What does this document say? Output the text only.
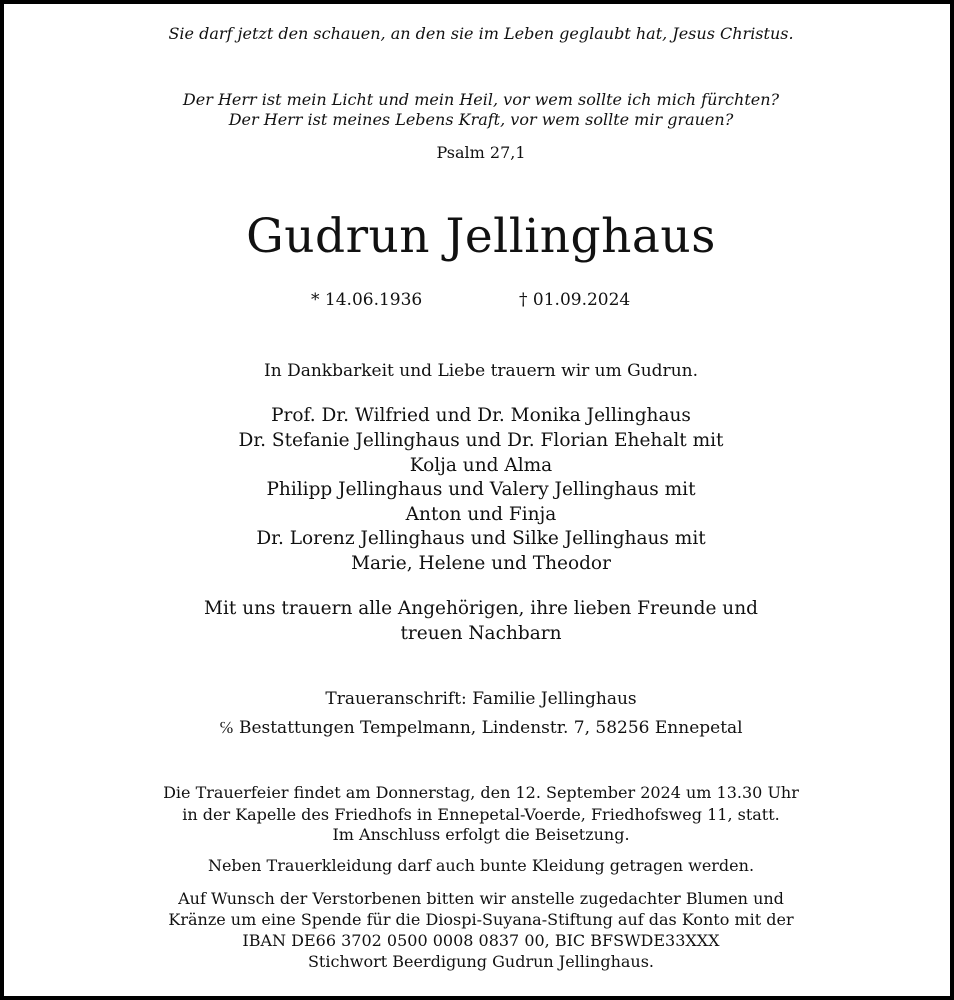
Sie darf jetzt den schauen, an den sie im Leben geglaubt hat, Jesus Christus.
Der Herr ist mein Licht und mein Heil, vor wem sollte ich mich fürchten?
Der Herr ist meines Lebens Kraft, vor wem sollte mir grauen?
Psalm 27,1
Gudrun Jellinghaus
* 14.06.1936	† 01.09.2024
In Dankbarkeit und Liebe trauern wir um Gudrun.
Prof. Dr. Wilfried und Dr. Monika Jellinghaus
Dr. Stefanie Jellinghaus und Dr. Florian Ehehalt mit
Kolja und Alma
Philipp Jellinghaus und Valery Jellinghaus mit
Anton und Finja
Dr. Lorenz Jellinghaus und Silke Jellinghaus mit
Marie, Helene und Theodor
Mit uns trauern alle Angehörigen, ihre lieben Freunde und
treuen Nachbarn
Traueranschrift: Familie Jellinghaus
℅ Bestattungen Tempelmann, Lindenstr. 7, 58256 Ennepetal
Die Trauerfeier findet am Donnerstag, den 12. September 2024 um 13.30 Uhr
in der Kapelle des Friedhofs in Ennepetal-Voerde, Friedhofsweg 11, statt.
Im Anschluss erfolgt die Beisetzung.
Neben Trauerkleidung darf auch bunte Kleidung getragen werden.
Auf Wunsch der Verstorbenen bitten wir anstelle zugedachter Blumen und
Kränze um eine Spende für die Diospi-Suyana-Stiftung auf das Konto mit der
IBAN DE66 3702 0500 0008 0837 00, BIC BFSWDE33XXX
Stichwort Beerdigung Gudrun Jellinghaus.
